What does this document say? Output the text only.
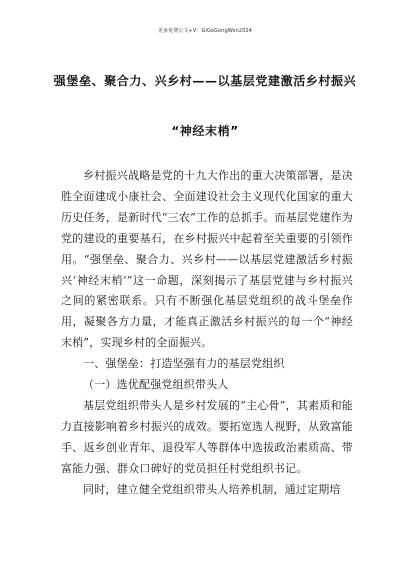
更多免费公文+V：GiGoGongWen2024
强堡垒、聚合力、兴乡村——以基层党建激活乡村振兴
“神经末梢”

乡村振兴战略是党的十九大作出的重大决策部署，是决胜全面建成小康社会、全面建设社会主义现代化国家的重大历史任务，是新时代“三农”工作的总抓手。而基层党建作为党的建设的重要基石，在乡村振兴中起着至关重要的引领作用。“强堡垒、聚合力、兴乡村——以基层党建激活乡村振兴‘神经末梢’”这一命题，深刻揭示了基层党建与乡村振兴之间的紧密联系。只有不断强化基层党组织的战斗堡垒作用，凝聚各方力量，才能真正激活乡村振兴的每一个“神经末梢”，实现乡村的全面振兴。

一、强堡垒：打造坚强有力的基层党组织

（一）选优配强党组织带头人

基层党组织带头人是乡村发展的“主心骨”，其素质和能力直接影响着乡村振兴的成效。要拓宽选人视野，从致富能手、返乡创业青年、退役军人等群体中选拔政治素质高、带富能力强、群众口碑好的党员担任村党组织书记。

同时，建立健全党组织带头人培养机制，通过定期培
